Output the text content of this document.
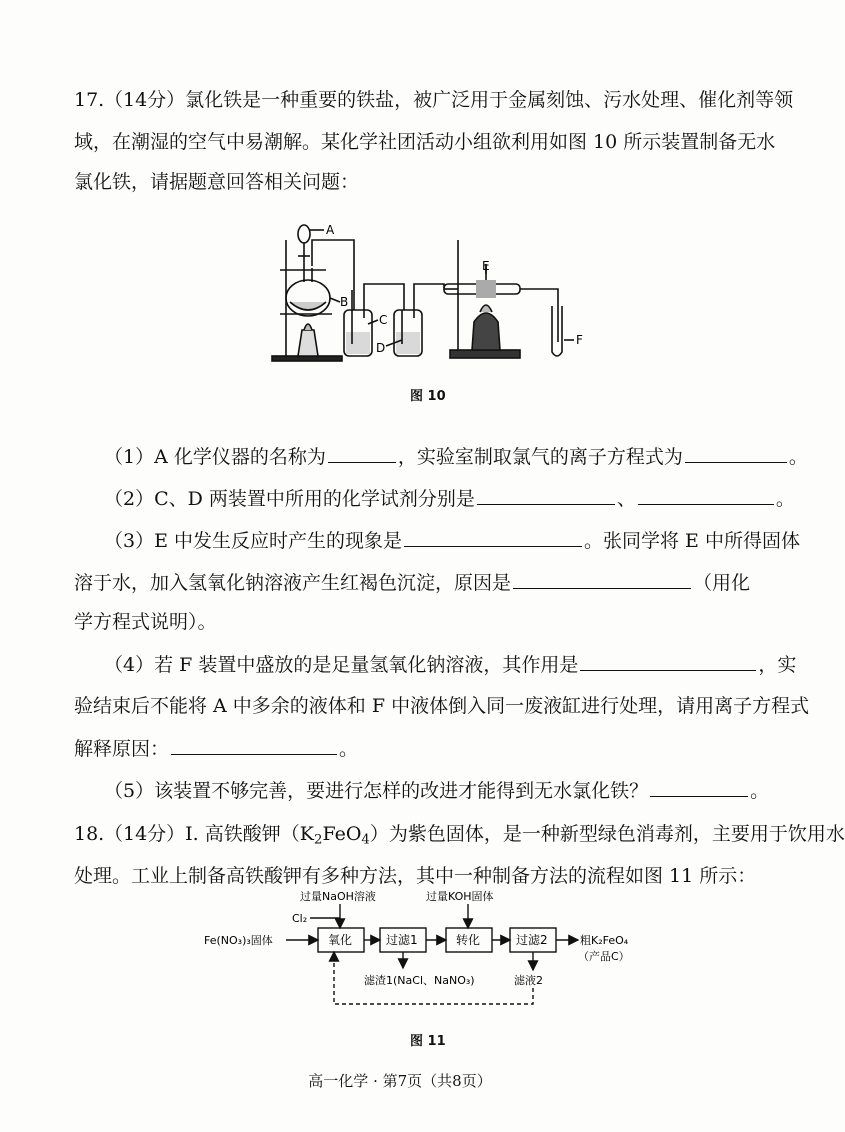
17. （14分）氯化铁是一种重要的铁盐，被广泛用于金属刻蚀、污水处理、催化剂等领
域，在潮湿的空气中易潮解。某化学社团活动小组欲利用如图 10 所示装置制备无水
氯化铁，请据题意回答相关问题：
A
B
C
D
E
F
图 10
（1）A 化学仪器的名称为	，实验室制取氯气的离子方程式为	。
（2）C、D 两装置中所用的化学试剂分别是	、	。
（3）E 中发生反应时产生的现象是	。张同学将 E 中所得固体
溶于水，加入氢氧化钠溶液产生红褐色沉淀，原因是	（用化
学方程式说明）。
（4）若 F 装置中盛放的是足量氢氧化钠溶液，其作用是	，实
验结束后不能将 A 中多余的液体和 F 中液体倒入同一废液缸进行处理，请用离子方程式
解释原因：	。
（5）该装置不够完善，要进行怎样的改进才能得到无水氯化铁？	。
18. （14分）I. 高铁酸钾$(K_2FeO_4)$为紫色固体，是一种新型绿色消毒剂，主要用于饮用水
处理。工业上制备高铁酸钾有多种方法，其中一种制备方法的流程如图 11 所示：
过量NaOH溶液
Cl₂
过量KOH固体
Fe(NO₃)₃固体	氧化	过滤1	转化	过滤2	粗K₂FeO₄
（产品C）
滤渣1(NaCl、NaNO₃)	滤液2
图 11
高一化学 · 第7页（共8页）
